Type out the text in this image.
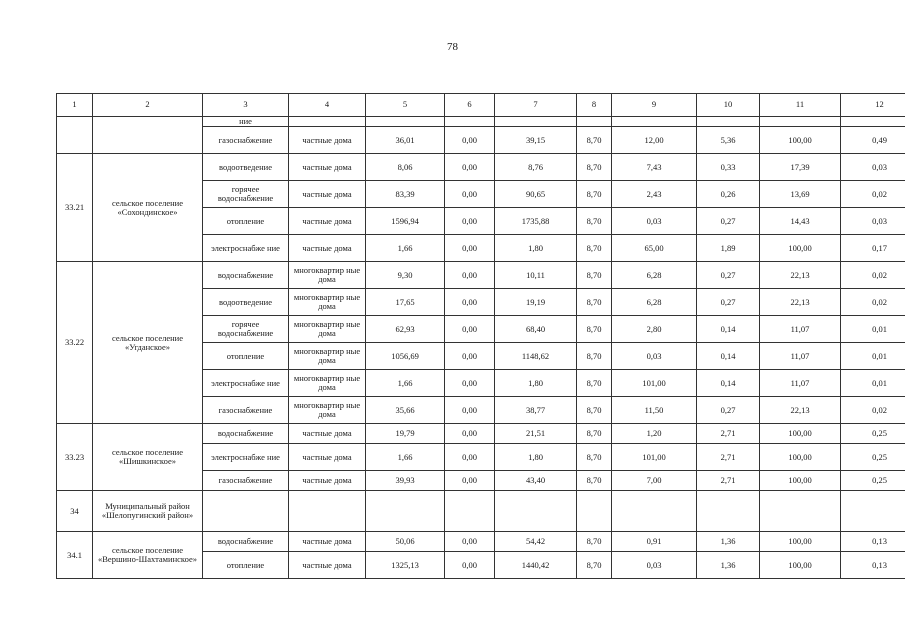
78
1	2	3	4	5	6	7	8	9	10	11	12
		ние									
		газоснабжение	частные дома	36,01	0,00	39,15	8,70	12,00	5,36	100,00	0,49
33.21	сельское поселение «Сохондинское»	водоотведение	частные дома	8,06	0,00	8,76	8,70	7,43	0,33	17,39	0,03
		горячее водоснабжение	частные дома	83,39	0,00	90,65	8,70	2,43	0,26	13,69	0,02
		отопление	частные дома	1596,94	0,00	1735,88	8,70	0,03	0,27	14,43	0,03
		электроснабже ние	частные дома	1,66	0,00	1,80	8,70	65,00	1,89	100,00	0,17
33.22	сельское поселение «Угданское»	водоснабжение	многоквартир ные дома	9,30	0,00	10,11	8,70	6,28	0,27	22,13	0,02
		водоотведение	многоквартир ные дома	17,65	0,00	19,19	8,70	6,28	0,27	22,13	0,02
		горячее водоснабжение	многоквартир ные дома	62,93	0,00	68,40	8,70	2,80	0,14	11,07	0,01
		отопление	многоквартир ные дома	1056,69	0,00	1148,62	8,70	0,03	0,14	11,07	0,01
		электроснабже ние	многоквартир ные дома	1,66	0,00	1,80	8,70	101,00	0,14	11,07	0,01
		газоснабжение	многоквартир ные дома	35,66	0,00	38,77	8,70	11,50	0,27	22,13	0,02
33.23	сельское поселение «Шишкинское»	водоснабжение	частные дома	19,79	0,00	21,51	8,70	1,20	2,71	100,00	0,25
		электроснабже ние	частные дома	1,66	0,00	1,80	8,70	101,00	2,71	100,00	0,25
		газоснабжение	частные дома	39,93	0,00	43,40	8,70	7,00	2,71	100,00	0,25
34	Муниципальный район «Шелопугинский район»										
34.1	сельское поселение «Вершино-Шахтаминское»	водоснабжение	частные дома	50,06	0,00	54,42	8,70	0,91	1,36	100,00	0,13
		отопление	частные дома	1325,13	0,00	1440,42	8,70	0,03	1,36	100,00	0,13
